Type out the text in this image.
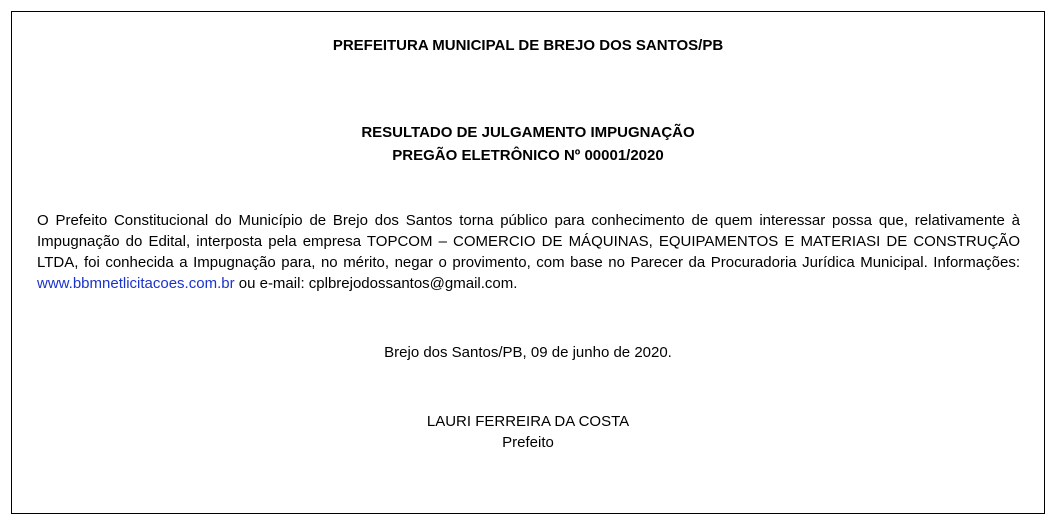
PREFEITURA MUNICIPAL DE BREJO DOS SANTOS/PB
RESULTADO DE JULGAMENTO IMPUGNAÇÃO
PREGÃO ELETRÔNICO Nº 00001/2020
O Prefeito Constitucional do Município de Brejo dos Santos torna público para conhecimento de quem interessar possa que, relativamente à Impugnação do Edital, interposta pela empresa TOPCOM – COMERCIO DE MÁQUINAS, EQUIPAMENTOS E MATERIASI DE CONSTRUÇÃO LTDA, foi conhecida a Impugnação para, no mérito, negar o provimento, com base no Parecer da Procuradoria Jurídica Municipal. Informações: www.bbmnetlicitacoes.com.br ou e-mail: cplbrejodossantos@gmail.com.
Brejo dos Santos/PB, 09 de junho de 2020.
LAURI FERREIRA DA COSTA
Prefeito
